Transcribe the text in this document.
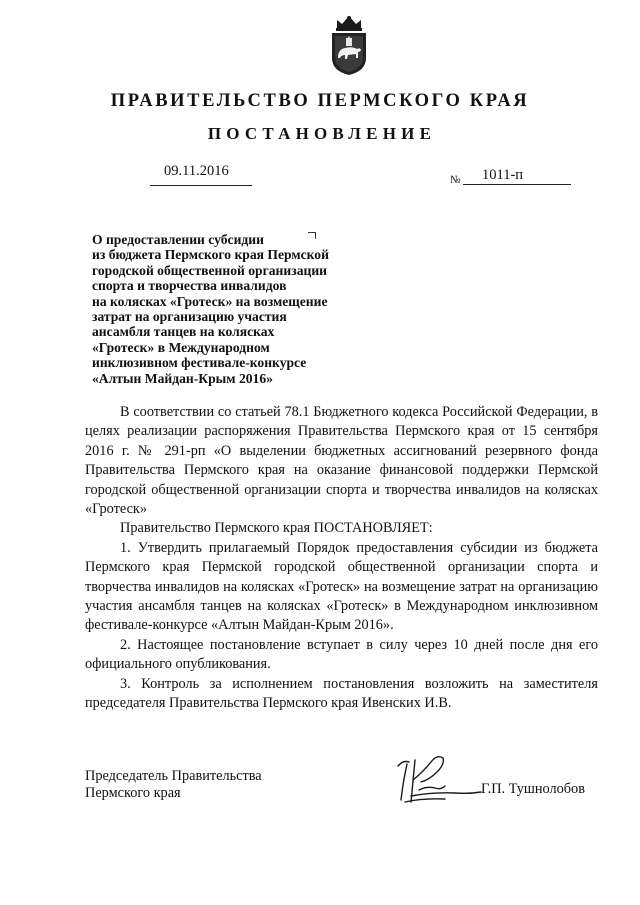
ПРАВИТЕЛЬСТВО ПЕРМСКОГО КРАЯ
ПОСТАНОВЛЕНИЕ
09.11.2016
№ 1011-п

О предоставлении субсидии
из бюджета Пермского края Пермской
городской общественной организации
спорта и творчества инвалидов
на колясках «Гротеск» на возмещение
затрат на организацию участия
ансамбля танцев на колясках
«Гротеск» в Международном
инклюзивном фестивале-конкурсе
«Алтын Майдан-Крым 2016»

В соответствии со статьей 78.1 Бюджетного кодекса Российской Федерации, в целях реализации распоряжения Правительства Пермского края от 15 сентября 2016 г. № 291-рп «О выделении бюджетных ассигнований резервного фонда Правительства Пермского края на оказание финансовой поддержки Пермской городской общественной организации спорта и творчества инвалидов на колясках «Гротеск»

Правительство Пермского края ПОСТАНОВЛЯЕТ:

1. Утвердить прилагаемый Порядок предоставления субсидии из бюджета Пермского края Пермской городской общественной организации спорта и творчества инвалидов на колясках «Гротеск» на возмещение затрат на организацию участия ансамбля танцев на колясках «Гротеск» в Международном инклюзивном фестивале-конкурсе «Алтын Майдан-Крым 2016».

2. Настоящее постановление вступает в силу через 10 дней после дня его официального опубликования.

3. Контроль за исполнением постановления возложить на заместителя председателя Правительства Пермского края Ивенских И.В.

Председатель Правительства
Пермского края	Г.П. Тушнолобов
